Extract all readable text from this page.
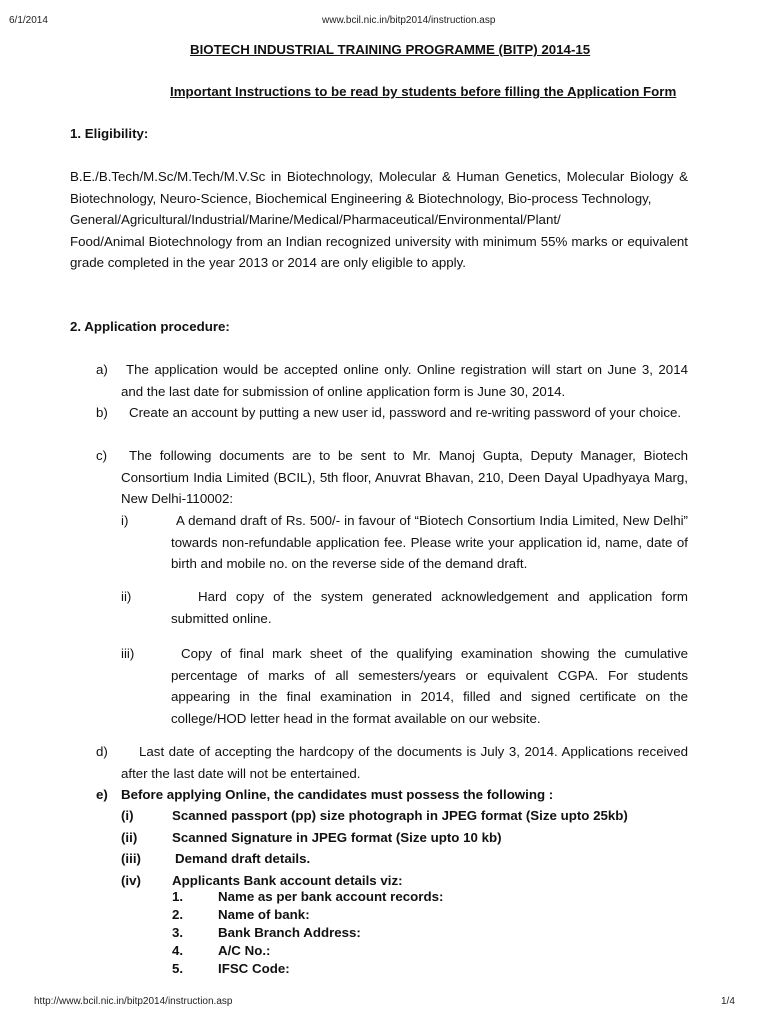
6/1/2014	www.bcil.nic.in/bitp2014/instruction.asp
BIOTECH INDUSTRIAL TRAINING PROGRAMME (BITP) 2014-15
Important Instructions to be read by students before filling the Application Form
1. Eligibility:
B.E./B.Tech/M.Sc/M.Tech/M.V.Sc in Biotechnology, Molecular & Human Genetics, Molecular Biology & Biotechnology, Neuro-Science, Biochemical Engineering & Biotechnology, Bio-process Technology,
General/Agricultural/Industrial/Marine/Medical/Pharmaceutical/Environmental/Plant/
Food/Animal Biotechnology from an Indian recognized university with minimum 55% marks or equivalent grade completed in the year 2013 or 2014 are only eligible to apply.
2. Application procedure:
a)	The application would be accepted online only. Online registration will start on June 3, 2014 and the last date for submission of online application form is June 30, 2014.
b)	Create an account by putting a new user id, password and re-writing password of your choice.
c)	The following documents are to be sent to Mr. Manoj Gupta, Deputy Manager, Biotech Consortium India Limited (BCIL), 5th floor, Anuvrat Bhavan, 210, Deen Dayal Upadhyaya Marg, New Delhi-110002:
i)	A demand draft of Rs. 500/- in favour of “Biotech Consortium India Limited, New Delhi” towards non-refundable application fee. Please write your application id, name, date of birth and mobile no. on the reverse side of the demand draft.
ii)	Hard copy of the system generated acknowledgement and application form submitted online.
iii)	Copy of final mark sheet of the qualifying examination showing the cumulative percentage of marks of all semesters/years or equivalent CGPA. For students appearing in the final examination in 2014, filled and signed certificate on the college/HOD letter head in the format available on our website.
d)	Last date of accepting the hardcopy of the documents is July 3, 2014. Applications received after the last date will not be entertained.
e) Before applying Online, the candidates must possess the following :
(i)	Scanned passport (pp) size photograph in JPEG format (Size upto 25kb)
(ii)	Scanned Signature in JPEG format (Size upto 10 kb)
(iii)	Demand draft details.
(iv) Applicants Bank account details viz:
1.	Name as per bank account records:
2.	Name of bank:
3.	Bank Branch Address:
4.	A/C No.:
5.	IFSC Code:
http://www.bcil.nic.in/bitp2014/instruction.asp	1/4
